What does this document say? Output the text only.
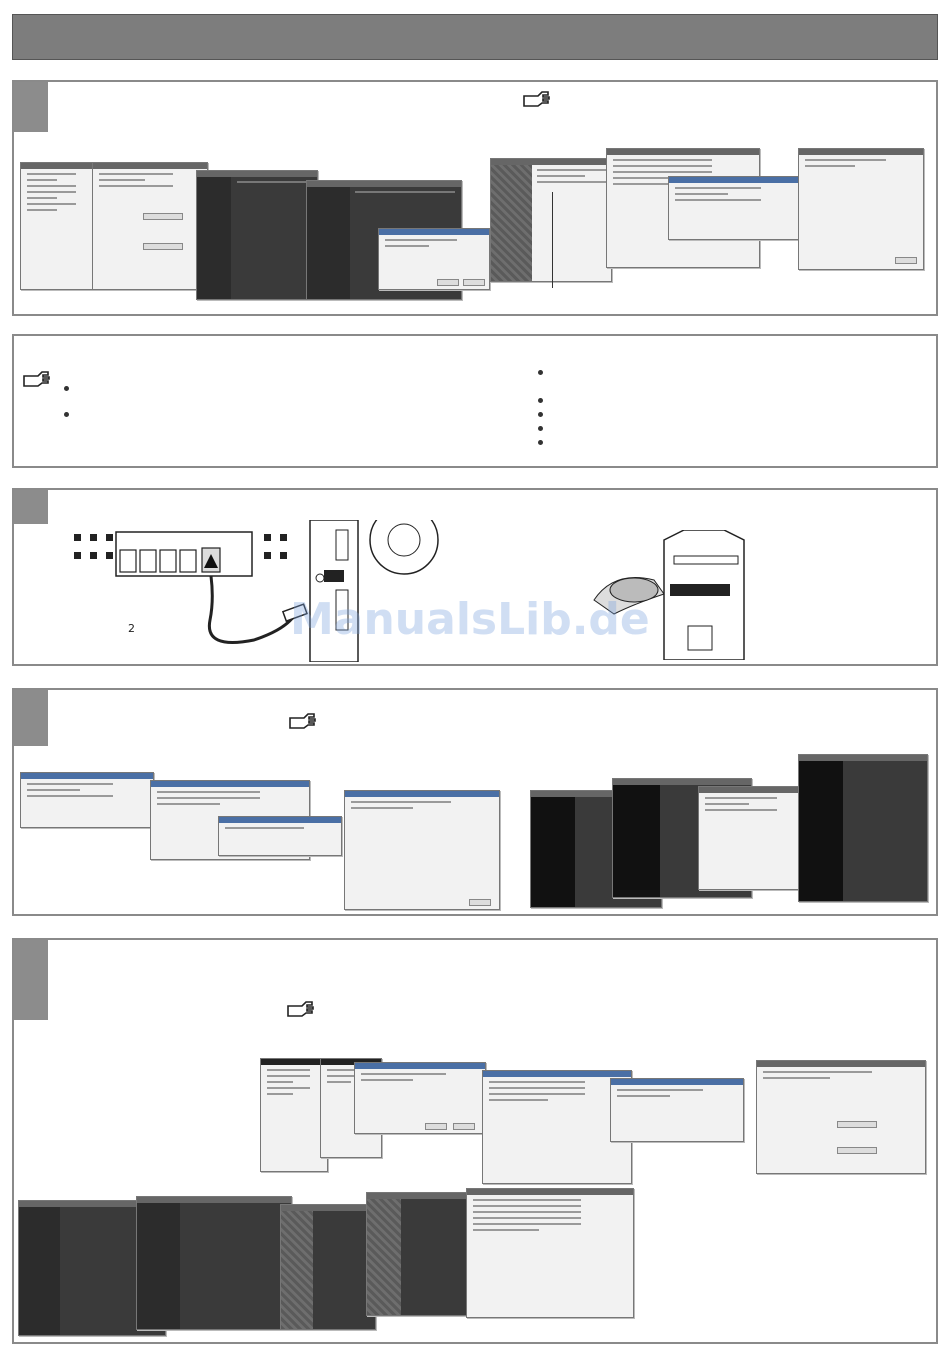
2	ManualsLib.de
